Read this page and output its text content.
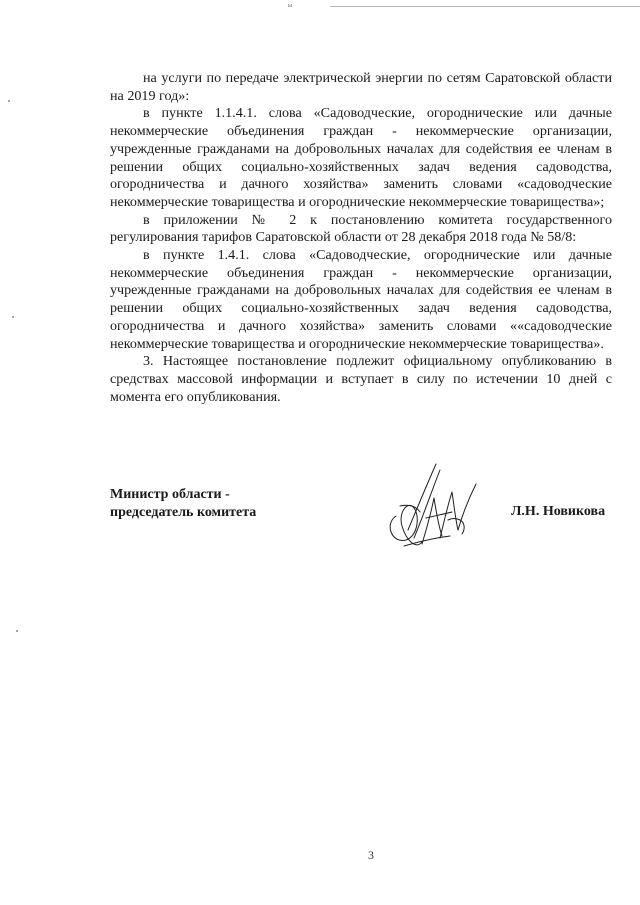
ы

на услуги по передаче электрической энергии по сетям Саратовской области на 2019 год»:

в пункте 1.1.4.1. слова «Садоводческие, огороднические или дачные некоммерческие объединения граждан - некоммерческие организации, учрежденные гражданами на добровольных началах для содействия ее членам в решении общих социально-хозяйственных задач ведения садоводства, огородничества и дачного хозяйства» заменить словами «садоводческие некоммерческие товарищества и огороднические некоммерческие товарищества»;

в приложении № 2 к постановлению комитета государственного регулирования тарифов Саратовской области от 28 декабря 2018 года № 58/8:

в пункте 1.4.1. слова «Садоводческие, огороднические или дачные некоммерческие объединения граждан - некоммерческие организации, учрежденные гражданами на добровольных началах для содействия ее членам в решении общих социально-хозяйственных задач ведения садоводства, огородничества и дачного хозяйства» заменить словами ««садоводческие некоммерческие товарищества и огороднические некоммерческие товарищества».

3. Настоящее постановление подлежит официальному опубликованию в средствах массовой информации и вступает в силу по истечении 10 дней с момента его опубликования.

Министр области -
председатель комитета	Л.Н. Новикова
3
